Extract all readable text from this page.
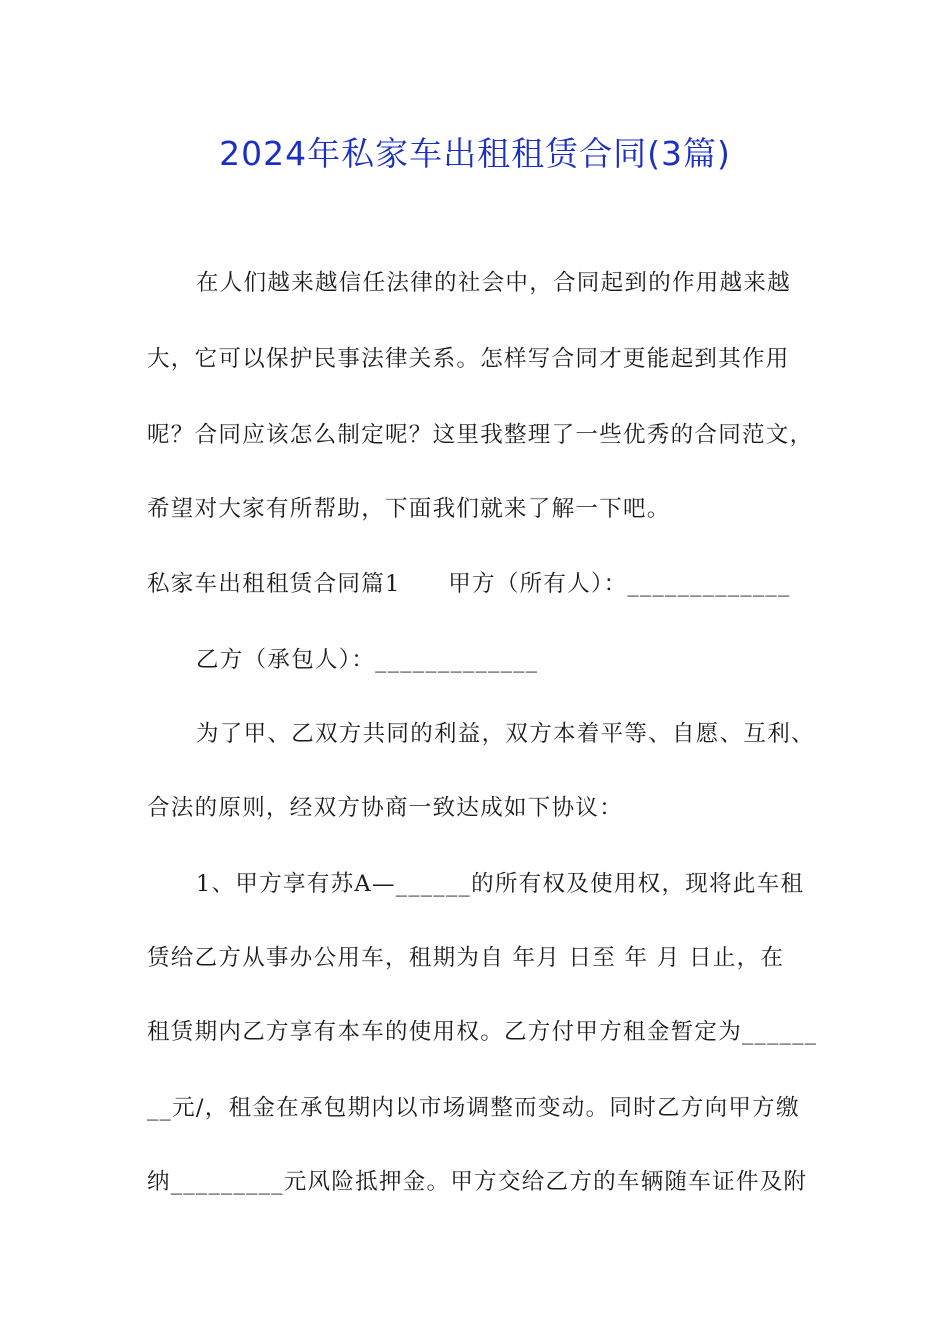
2024年私家车出租租赁合同(3篇)
在人们越来越信任法律的社会中，合同起到的作用越来越
大，它可以保护民事法律关系。怎样写合同才更能起到其作用
呢？合同应该怎么制定呢？这里我整理了一些优秀的合同范文，
希望对大家有所帮助，下面我们就来了解一下吧。
私家车出租租赁合同篇1　　甲方（所有人）：_____________
乙方（承包人）：_____________
为了甲、乙双方共同的利益，双方本着平等、自愿、互利、
合法的原则，经双方协商一致达成如下协议：
1、甲方享有苏A—______的所有权及使用权，现将此车租
赁给乙方从事办公用车，租期为自 年月 日至 年 月 日止，在
租赁期内乙方享有本车的使用权。乙方付甲方租金暂定为______
__元/，租金在承包期内以市场调整而变动。同时乙方向甲方缴
纳_________元风险抵押金。甲方交给乙方的车辆随车证件及附
